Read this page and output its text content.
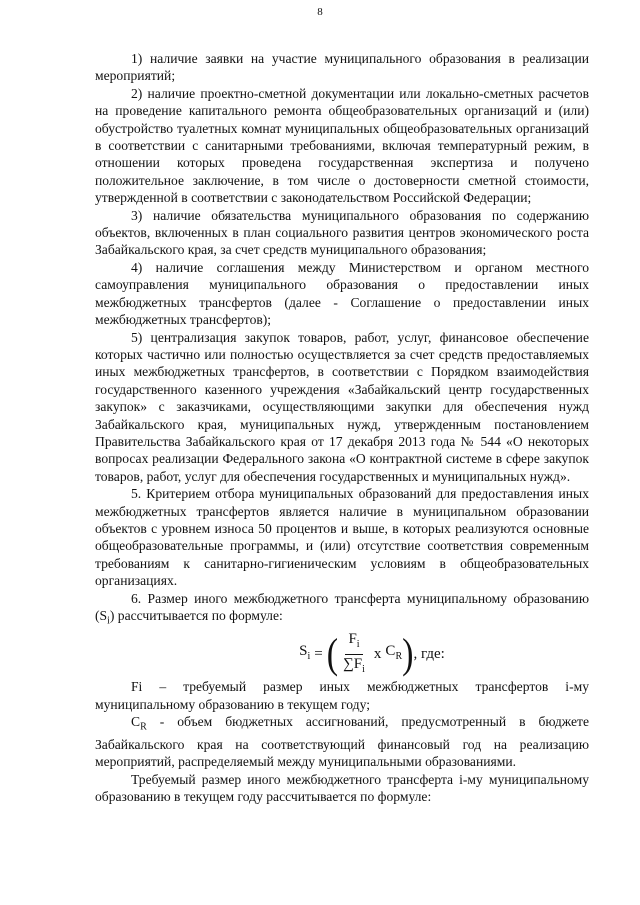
8

1) наличие заявки на участие муниципального образования в реализации мероприятий;

2) наличие проектно-сметной документации или локально-сметных расчетов на проведение капитального ремонта общеобразовательных организаций и (или) обустройство туалетных комнат муниципальных общеобразовательных организаций в соответствии с санитарными требованиями, включая температурный режим, в отношении которых проведена государственная экспертиза и получено положительное заключение, в том числе о достоверности сметной стоимости, утвержденной в соответствии с законодательством Российской Федерации;

3) наличие обязательства муниципального образования по содержанию объектов, включенных в план социального развития центров экономического роста Забайкальского края, за счет средств муниципального образования;

4) наличие соглашения между Министерством и органом местного самоуправления муниципального образования о предоставлении иных межбюджетных трансфертов (далее - Соглашение о предоставлении иных межбюджетных трансфертов);

5) централизация закупок товаров, работ, услуг, финансовое обеспечение которых частично или полностью осуществляется за счет средств предоставляемых иных межбюджетных трансфертов, в соответствии с Порядком взаимодействия государственного казенного учреждения «Забайкальский центр государственных закупок» с заказчиками, осуществляющими закупки для обеспечения нужд Забайкальского края, муниципальных нужд, утвержденным постановлением Правительства Забайкальского края от 17 декабря 2013 года № 544 «О некоторых вопросах реализации Федерального закона «О контрактной системе в сфере закупок товаров, работ, услуг для обеспечения государственных и муниципальных нужд».

5. Критерием отбора муниципальных образований для предоставления иных межбюджетных трансфертов является наличие в муниципальном образовании объектов с уровнем износа 50 процентов и выше, в которых реализуются основные общеобразовательные программы, и (или) отсутствие соответствия современным требованиям к санитарно-гигиеническим условиям в общеобразовательных организациях.

6. Размер иного межбюджетного трансферта муниципальному образованию $(S_i)$ рассчитывается по формуле:

$S_i$ = ( $\frac{F_i}{\sum F_i}$ x $C_R$ ) , где:

Fi – требуемый размер иных межбюджетных трансфертов i-му муниципальному образованию в текущем году;

$C_R$ - объем бюджетных ассигнований, предусмотренный в бюджете Забайкальского края на соответствующий финансовый год на реализацию мероприятий, распределяемый между муниципальными образованиями.

Требуемый размер иного межбюджетного трансферта i-му муниципальному образованию в текущем году рассчитывается по формуле:
